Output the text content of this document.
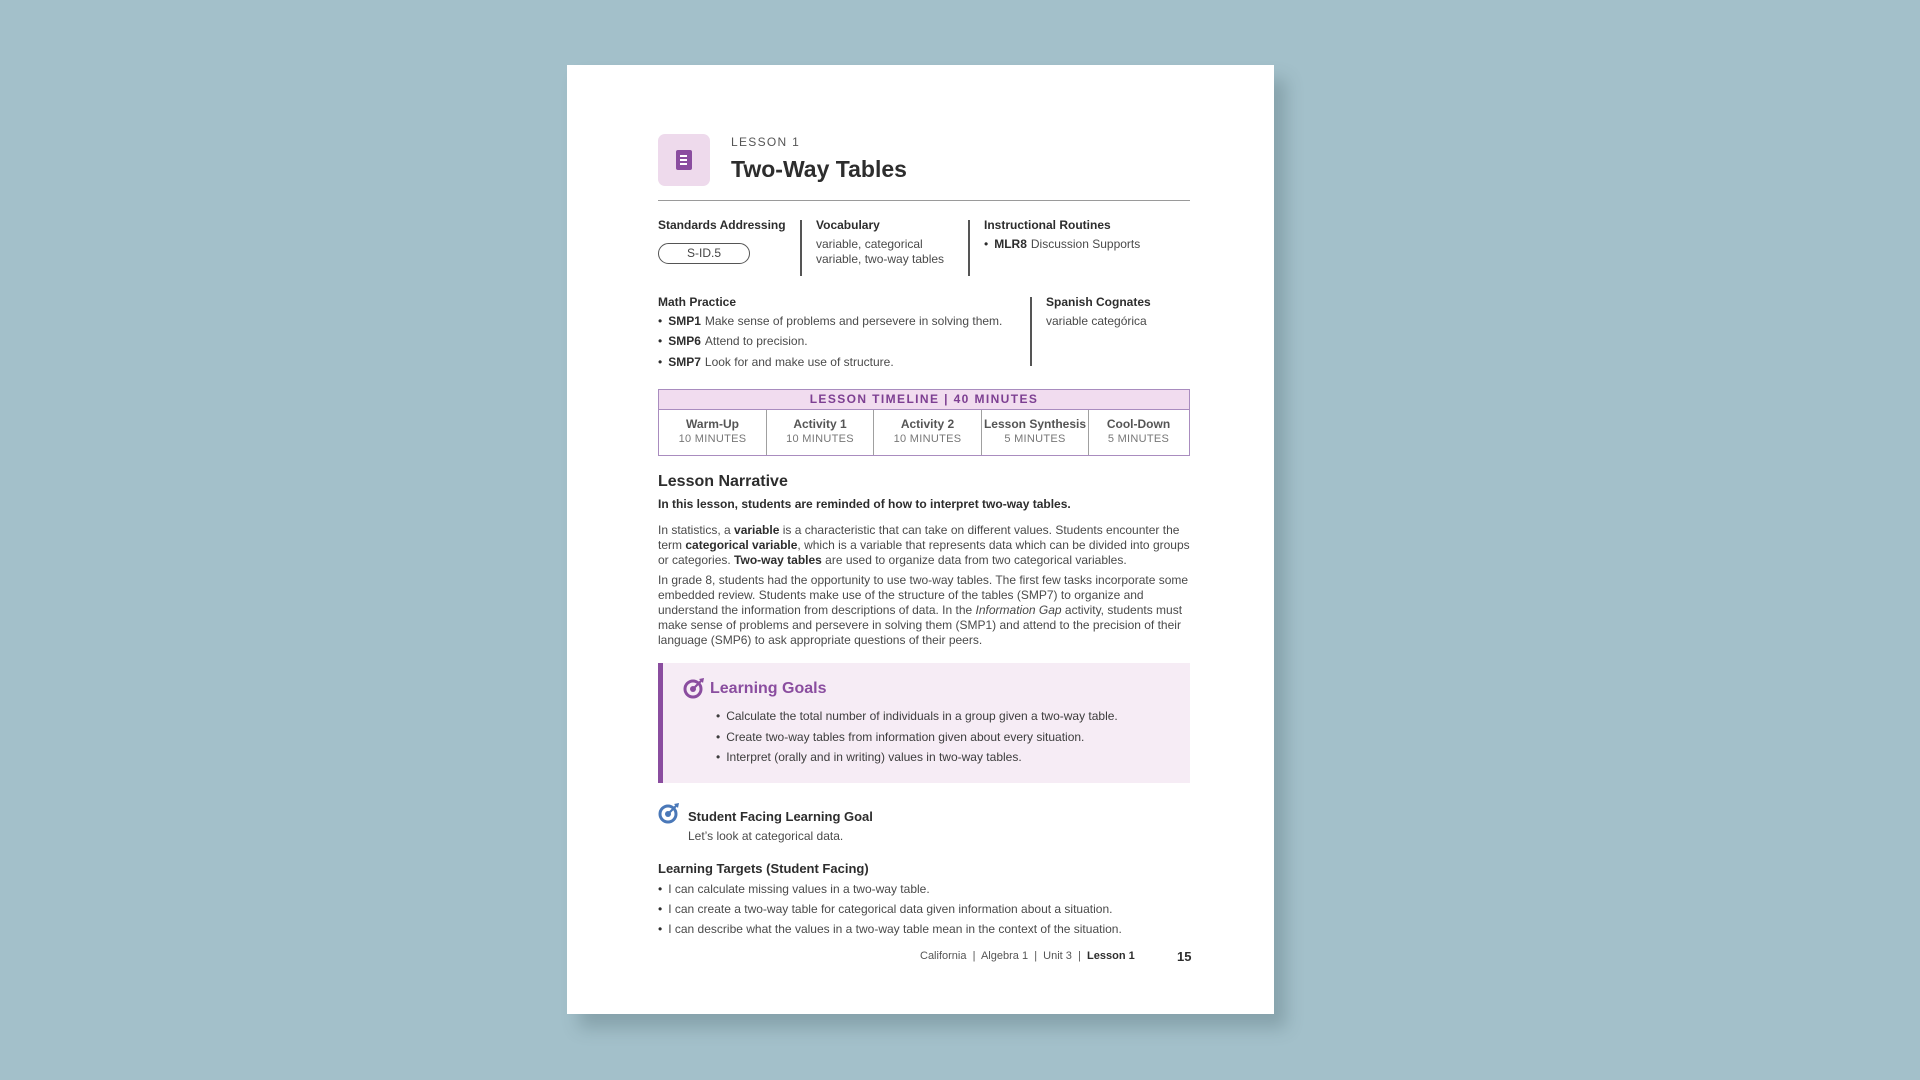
LESSON 1
Two-Way Tables
Standards Addressing
S-ID.5
Vocabulary
variable, categorical
variable, two-way tables
Instructional Routines
• MLR8 Discussion Supports
Math Practice
• SMP1 Make sense of problems and persevere in solving them.
• SMP6 Attend to precision.
• SMP7 Look for and make use of structure.
Spanish Cognates
variable categórica
LESSON TIMELINE | 40 MINUTES
Warm-Up
10 MINUTES
Activity 1
10 MINUTES
Activity 2
10 MINUTES
Lesson Synthesis
5 MINUTES
Cool-Down
5 MINUTES
Lesson Narrative
In this lesson, students are reminded of how to interpret two-way tables.
In statistics, a variable is a characteristic that can take on different values. Students encounter the term categorical variable, which is a variable that represents data which can be divided into groups or categories. Two-way tables are used to organize data from two categorical variables.
In grade 8, students had the opportunity to use two-way tables. The first few tasks incorporate some embedded review. Students make use of the structure of the tables (SMP7) to organize and understand the information from descriptions of data. In the Information Gap activity, students must make sense of problems and persevere in solving them (SMP1) and attend to the precision of their language (SMP6) to ask appropriate questions of their peers.
Learning Goals
• Calculate the total number of individuals in a group given a two-way table.
• Create two-way tables from information given about every situation.
• Interpret (orally and in writing) values in two-way tables.
Student Facing Learning Goal
Let’s look at categorical data.
Learning Targets (Student Facing)
• I can calculate missing values in a two-way table.
• I can create a two-way table for categorical data given information about a situation.
• I can describe what the values in a two-way table mean in the context of the situation.
California | Algebra 1 | Unit 3 | Lesson 1	15
